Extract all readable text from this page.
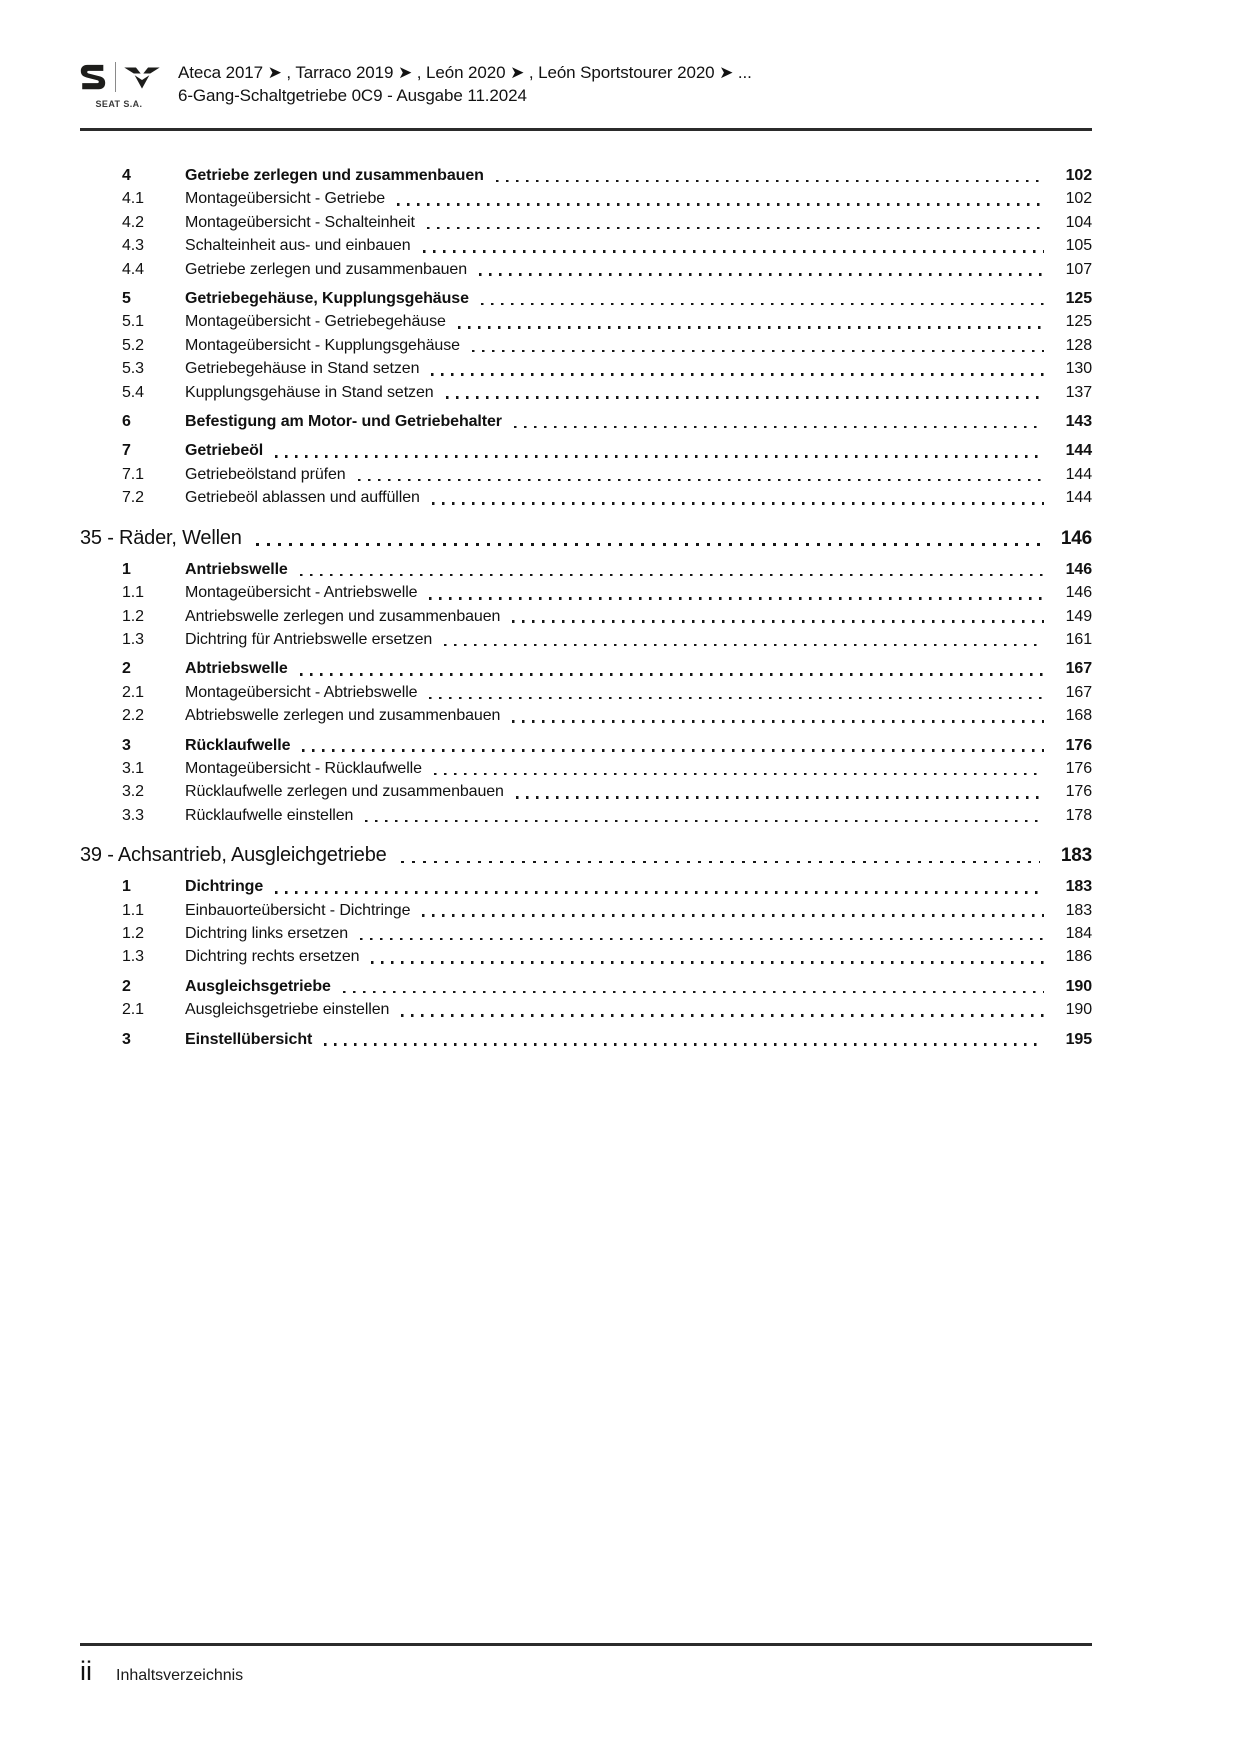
SEAT S.A.
Ateca 2017 ➤ , Tarraco 2019 ➤ , León 2020 ➤ , León Sportstourer 2020 ➤ ...
6-Gang-Schaltgetriebe 0C9 - Ausgabe 11.2024
4	Getriebe zerlegen und zusammenbauen	102
4.1	Montageübersicht - Getriebe	102
4.2	Montageübersicht - Schalteinheit	104
4.3	Schalteinheit aus- und einbauen	105
4.4	Getriebe zerlegen und zusammenbauen	107
5	Getriebegehäuse, Kupplungsgehäuse	125
5.1	Montageübersicht - Getriebegehäuse	125
5.2	Montageübersicht - Kupplungsgehäuse	128
5.3	Getriebegehäuse in Stand setzen	130
5.4	Kupplungsgehäuse in Stand setzen	137
6	Befestigung am Motor- und Getriebehalter	143
7	Getriebeöl	144
7.1	Getriebeölstand prüfen	144
7.2	Getriebeöl ablassen und auffüllen	144
35 - Räder, Wellen	146
1	Antriebswelle	146
1.1	Montageübersicht - Antriebswelle	146
1.2	Antriebswelle zerlegen und zusammenbauen	149
1.3	Dichtring für Antriebswelle ersetzen	161
2	Abtriebswelle	167
2.1	Montageübersicht - Abtriebswelle	167
2.2	Abtriebswelle zerlegen und zusammenbauen	168
3	Rücklaufwelle	176
3.1	Montageübersicht - Rücklaufwelle	176
3.2	Rücklaufwelle zerlegen und zusammenbauen	176
3.3	Rücklaufwelle einstellen	178
39 - Achsantrieb, Ausgleichgetriebe	183
1	Dichtringe	183
1.1	Einbauorteübersicht - Dichtringe	183
1.2	Dichtring links ersetzen	184
1.3	Dichtring rechts ersetzen	186
2	Ausgleichsgetriebe	190
2.1	Ausgleichsgetriebe einstellen	190
3	Einstellübersicht	195
ii Inhaltsverzeichnis
